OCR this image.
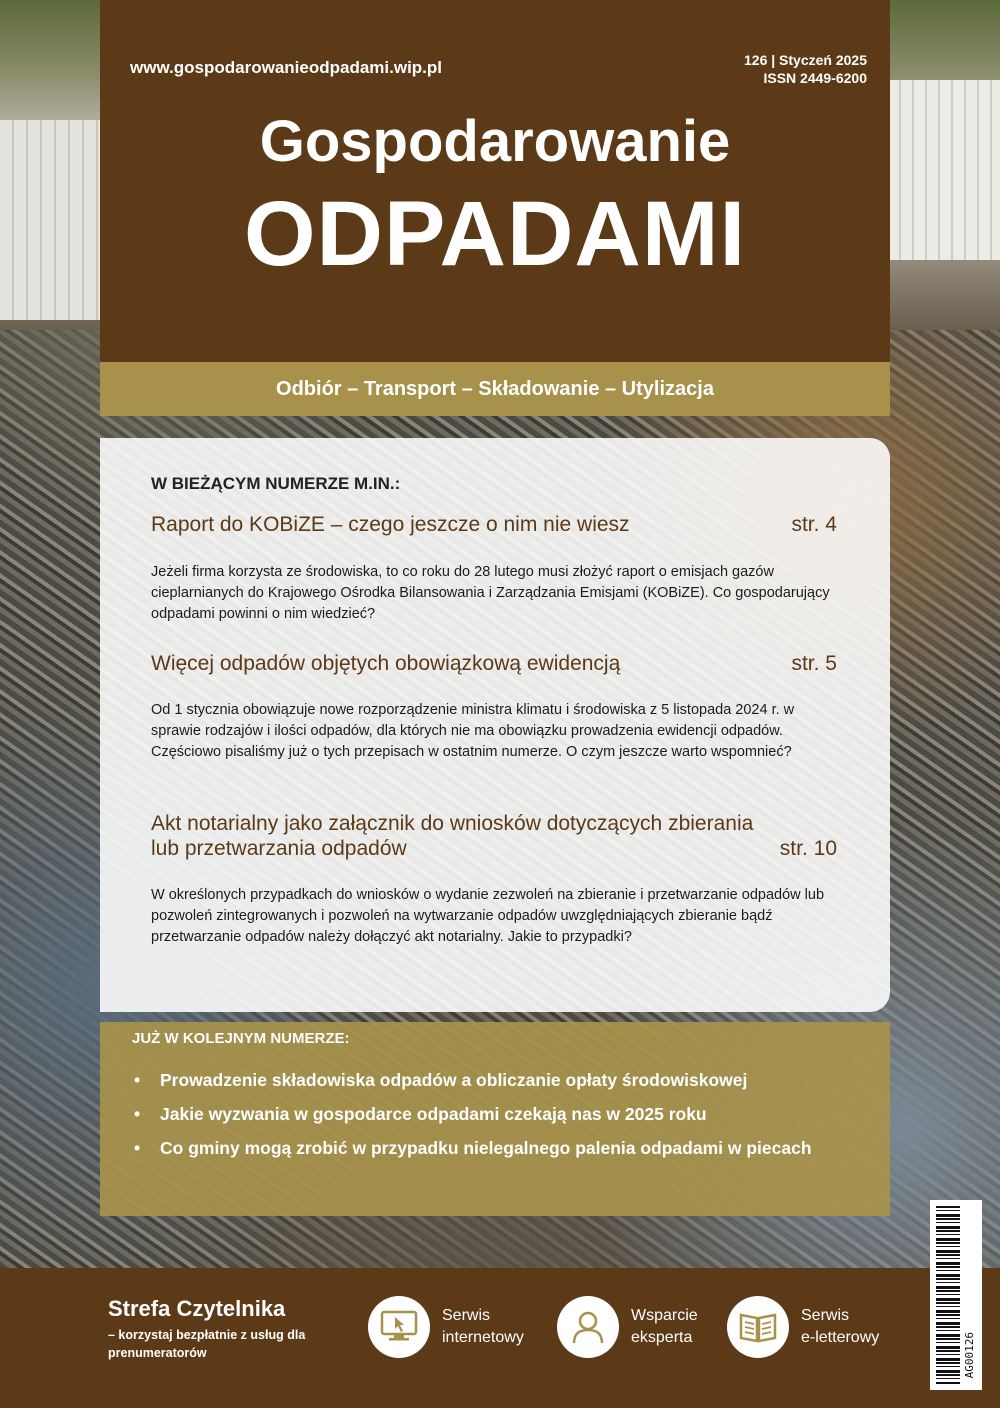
www.gospodarowanieodpadami.wip.pl	126 | Styczeń 2025
ISSN 2449-6200
Gospodarowanie
ODPADAMI
Odbiór – Transport – Składowanie – Utylizacja
W BIEŻĄCYM NUMERZE M.IN.:
Raport do KOBiZE – czego jeszcze o nim nie wiesz	str. 4
Jeżeli firma korzysta ze środowiska, to co roku do 28 lutego musi złożyć raport o emisjach gazów cieplarnianych do Krajowego Ośrodka Bilansowania i Zarządzania Emisjami (KOBiZE). Co gospodarujący odpadami powinni o nim wiedzieć?
Więcej odpadów objętych obowiązkową ewidencją	str. 5
Od 1 stycznia obowiązuje nowe rozporządzenie ministra klimatu i środowiska z 5 listopada 2024 r. w sprawie rodzajów i ilości odpadów, dla których nie ma obowiązku prowadzenia ewidencji odpadów. Częściowo pisaliśmy już o tych przepisach w ostatnim numerze. O czym jeszcze warto wspomnieć?
Akt notarialny jako załącznik do wniosków dotyczących zbierania
lub przetwarzania odpadów	str. 10
W określonych przypadkach do wniosków o wydanie zezwoleń na zbieranie i przetwarzanie odpadów lub pozwoleń zintegrowanych i pozwoleń na wytwarzanie odpadów uwzględniających zbieranie bądź przetwarzanie odpadów należy dołączyć akt notarialny. Jakie to przypadki?
JUŻ W KOLEJNYM NUMERZE:
• Prowadzenie składowiska odpadów a obliczanie opłaty środowiskowej
• Jakie wyzwania w gospodarce odpadami czekają nas w 2025 roku
• Co gminy mogą zrobić w przypadku nielegalnego palenia odpadami w piecach
Strefa Czytelnika
– korzystaj bezpłatnie z usług dla prenumeratorów
Serwis
internetowy
Wsparcie
eksperta
Serwis
e-letterowy	AG00126
